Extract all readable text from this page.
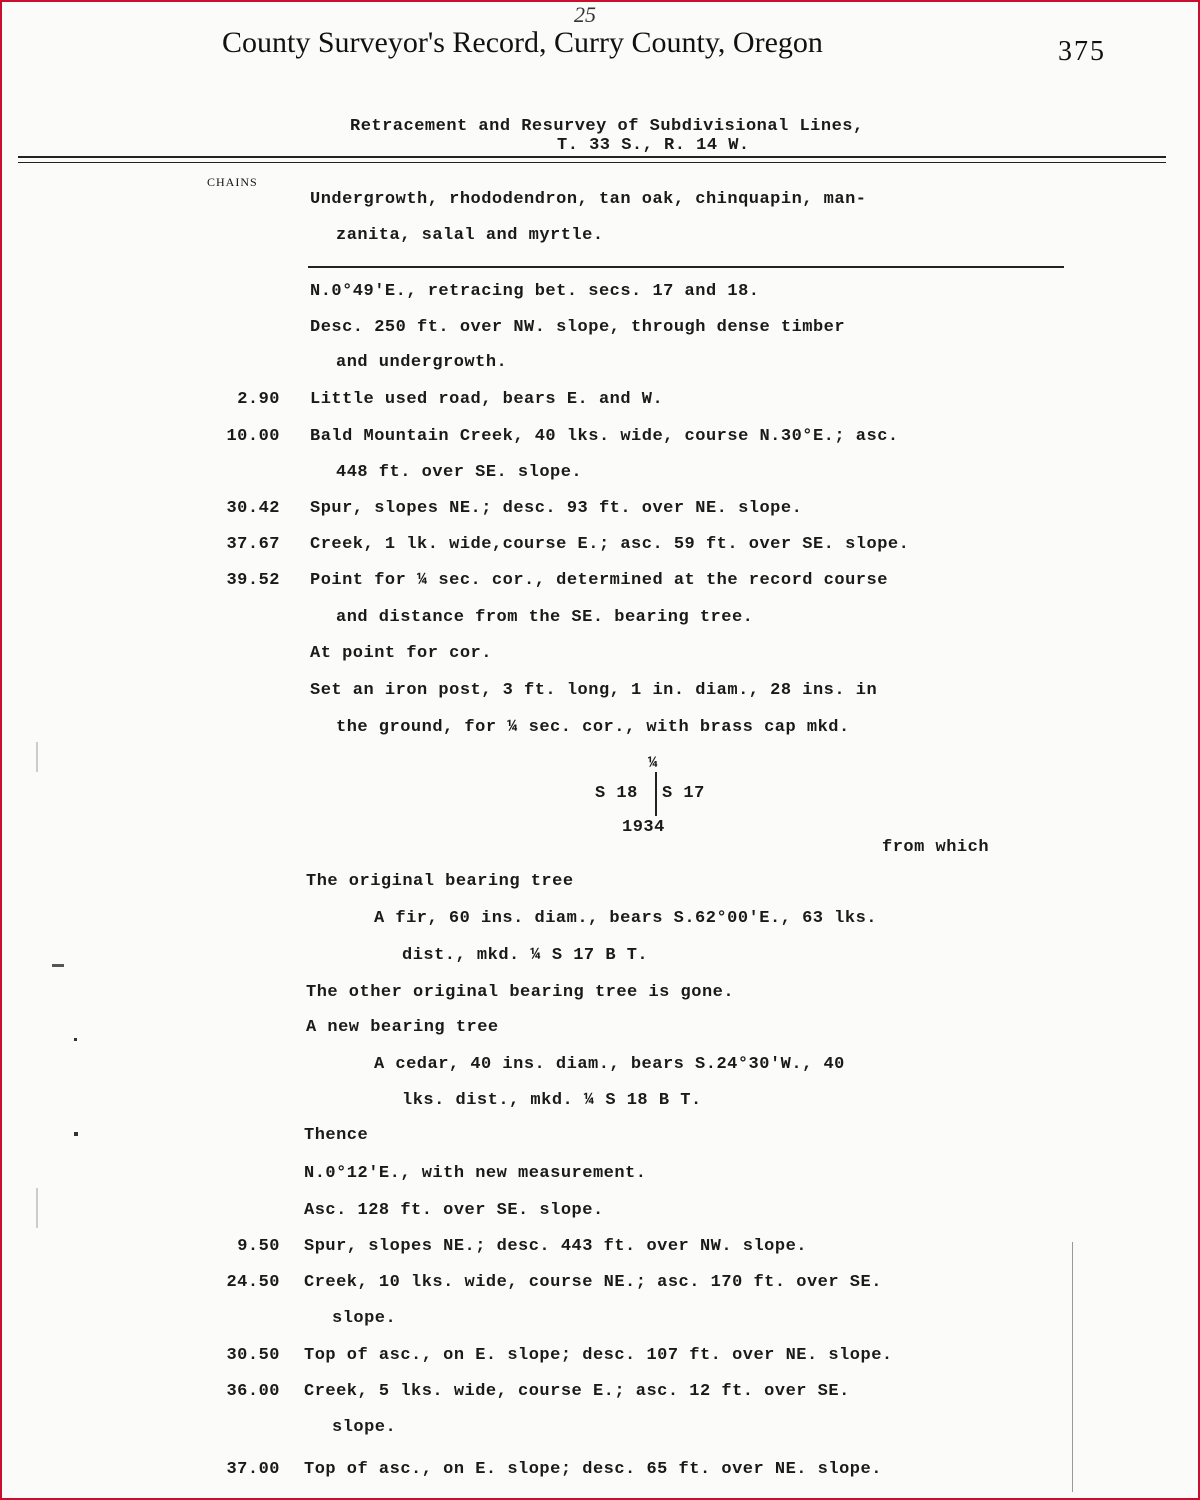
25
County Surveyor's Record, Curry County, Oregon	375
Retracement and Resurvey of Subdivisional Lines,
T. 33 S., R. 14 W.
CHAINS
Undergrowth, rhododendron, tan oak, chinquapin, man-
zanita, salal and myrtle.
N.0°49'E., retracing bet. secs. 17 and 18.
Desc. 250 ft. over NW. slope, through dense timber
and undergrowth.
2.90 Little used road, bears E. and W.
10.00 Bald Mountain Creek, 40 lks. wide, course N.30°E.; asc.
448 ft. over SE. slope.
30.42 Spur, slopes NE.; desc. 93 ft. over NE. slope.
37.67 Creek, 1 lk. wide,course E.; asc. 59 ft. over SE. slope.
39.52 Point for ¼ sec. cor., determined at the record course
and distance from the SE. bearing tree.
At point for cor.
Set an iron post, 3 ft. long, 1 in. diam., 28 ins. in
the ground, for ¼ sec. cor., with brass cap mkd.
¼
S 18 S 17
1934
from which
The original bearing tree
A fir, 60 ins. diam., bears S.62°00'E., 63 lks.
dist., mkd. ¼ S 17 B T.
The other original bearing tree is gone.
A new bearing tree
A cedar, 40 ins. diam., bears S.24°30'W., 40
lks. dist., mkd. ¼ S 18 B T.
Thence
N.0°12'E., with new measurement.
Asc. 128 ft. over SE. slope.
9.50 Spur, slopes NE.; desc. 443 ft. over NW. slope.
24.50 Creek, 10 lks. wide, course NE.; asc. 170 ft. over SE.
slope.
30.50 Top of asc., on E. slope; desc. 107 ft. over NE. slope.
36.00 Creek, 5 lks. wide, course E.; asc. 12 ft. over SE.
slope.
37.00 Top of asc., on E. slope; desc. 65 ft. over NE. slope.
